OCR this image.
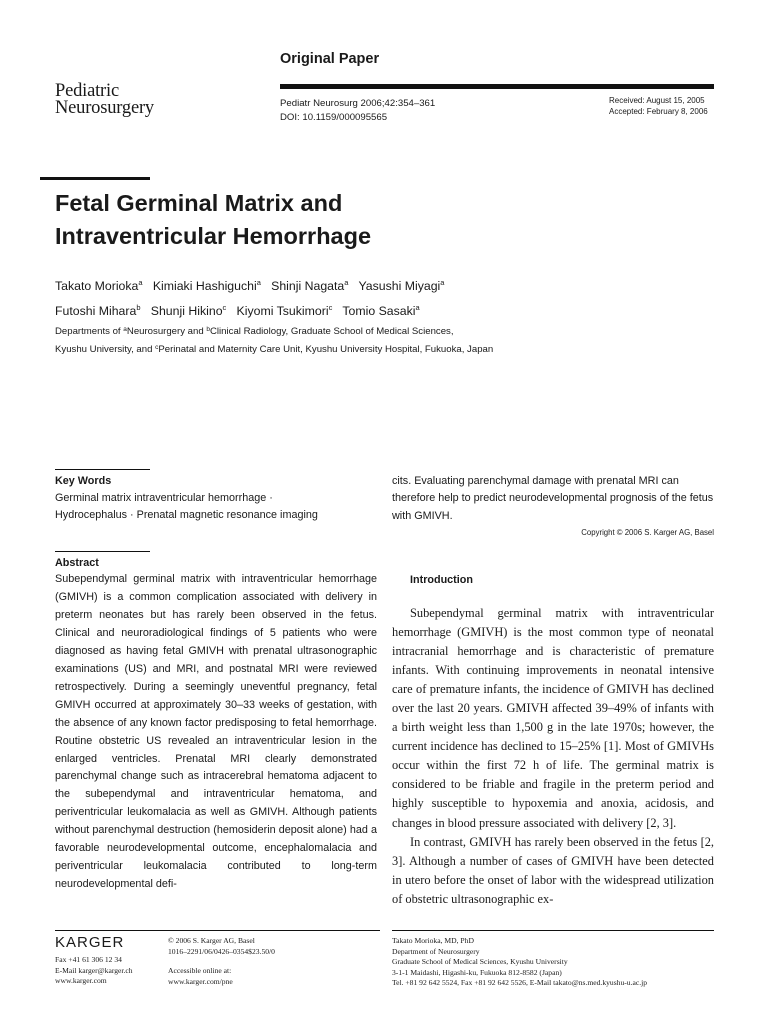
Original Paper
Pediatric
Neurosurgery	Pediatr Neurosurg 2006;42:354–361
DOI: 10.1159/000095565
Received: August 15, 2005
Accepted: February 8, 2006
Fetal Germinal Matrix and
Intraventricular Hemorrhage
Takato Morioka$^a$ Kimiaki Hashiguchi$^a$ Shinji Nagata$^a$ Yasushi Miyagi$^a$
Futoshi Mihara$^b$ Shunji Hikino$^c$ Kiyomi Tsukimori$^c$ Tomio Sasaki$^a$
Departments of $^a$Neurosurgery and $^b$Clinical Radiology, Graduate School of Medical Sciences,
Kyushu University, and $^c$Perinatal and Maternity Care Unit, Kyushu University Hospital, Fukuoka, Japan
Key Words
Germinal matrix intraventricular hemorrhage ·
Hydrocephalus · Prenatal magnetic resonance imaging
Abstract
Subependymal germinal matrix with intraventricular hemorrhage (GMIVH) is a common complication associated with delivery in preterm neonates but has rarely been observed in the fetus. Clinical and neuroradiological findings of 5 patients who were diagnosed as having fetal GMIVH with prenatal ultrasonographic examinations (US) and MRI, and postnatal MRI were reviewed retrospectively. During a seemingly uneventful pregnancy, fetal GMIVH occurred at approximately 30–33 weeks of gestation, with the absence of any known factor predisposing to fetal hemorrhage. Routine obstetric US revealed an intraventricular lesion in the enlarged ventricles. Prenatal MRI clearly demonstrated parenchymal change such as intracerebral hematoma adjacent to the subependymal and intraventricular hematoma, and periventricular leukomalacia as well as GMIVH. Although patients without parenchymal destruction (hemosiderin deposit alone) had a favorable neurodevelopmental outcome, encephalomalacia and periventricular leukomalacia contributed to long-term neurodevelopmental defi-
cits. Evaluating parenchymal damage with prenatal MRI can therefore help to predict neurodevelopmental prognosis of the fetus with GMIVH.
Copyright © 2006 S. Karger AG, Basel
Introduction

Subependymal germinal matrix with intraventricular hemorrhage (GMIVH) is the most common type of neonatal intracranial hemorrhage and is characteristic of premature infants. With continuing improvements in neonatal intensive care of premature infants, the incidence of GMIVH has declined over the last 20 years. GMIVH affected 39–49% of infants with a birth weight less than 1,500 g in the late 1970s; however, the current incidence has declined to 15–25% [1]. Most of GMIVHs occur within the first 72 h of life. The germinal matrix is considered to be friable and fragile in the preterm period and highly susceptible to hypoxemia and anoxia, acidosis, and changes in blood pressure associated with delivery [2, 3].

In contrast, GMIVH has rarely been observed in the fetus [2, 3]. Although a number of cases of GMIVH have been detected in utero before the onset of labor with the widespread utilization of obstetric ultrasonographic ex-

KARGER
Fax +41 61 306 12 34
E-Mail karger@karger.ch
www.karger.com
© 2006 S. Karger AG, Basel
1016–2291/06/0426–0354$23.50/0
Accessible online at:
www.karger.com/pne
Takato Morioka, MD, PhD
Department of Neurosurgery
Graduate School of Medical Sciences, Kyushu University
3-1-1 Maidashi, Higashi-ku, Fukuoka 812-8582 (Japan)
Tel. +81 92 642 5524, Fax +81 92 642 5526, E-Mail takato@ns.med.kyushu-u.ac.jp
